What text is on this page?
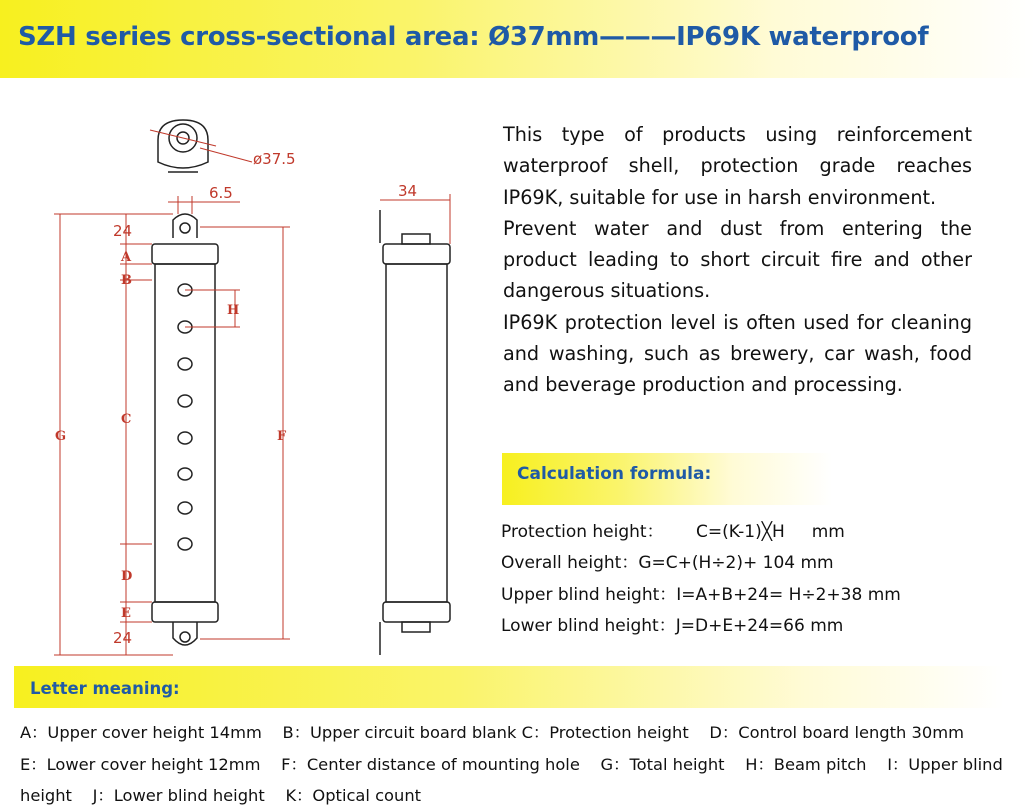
SZH series cross-sectional area: Ø37mm———IP69K waterproof
ø37.5
6.5	34
24
24
A
B
C
D
E
F
G
H

This type of products using reinforcement waterproof shell, protection grade reaches IP69K, suitable for use in harsh environment.

Prevent water and dust from entering the product leading to short circuit fire and other dangerous situations.

IP69K protection level is often used for cleaning and washing, such as brewery, car wash, food and beverage production and processing.

Calculation formula:
Protection height：      C=(K-1)╳H     mm
Overall height：G=C+(H÷2)+ 104 mm
Upper blind height：I=A+B+24= H÷2+38 mm
Lower blind height：J=D+E+24=66 mm
Letter meaning:
A：Upper cover height 14mm B：Upper circuit board blank C：Protection height D：Control board length 30mm
E：Lower cover height 12mm F：Center distance of mounting hole G：Total height H：Beam pitch I：Upper blind height J：Lower blind height K：Optical count
